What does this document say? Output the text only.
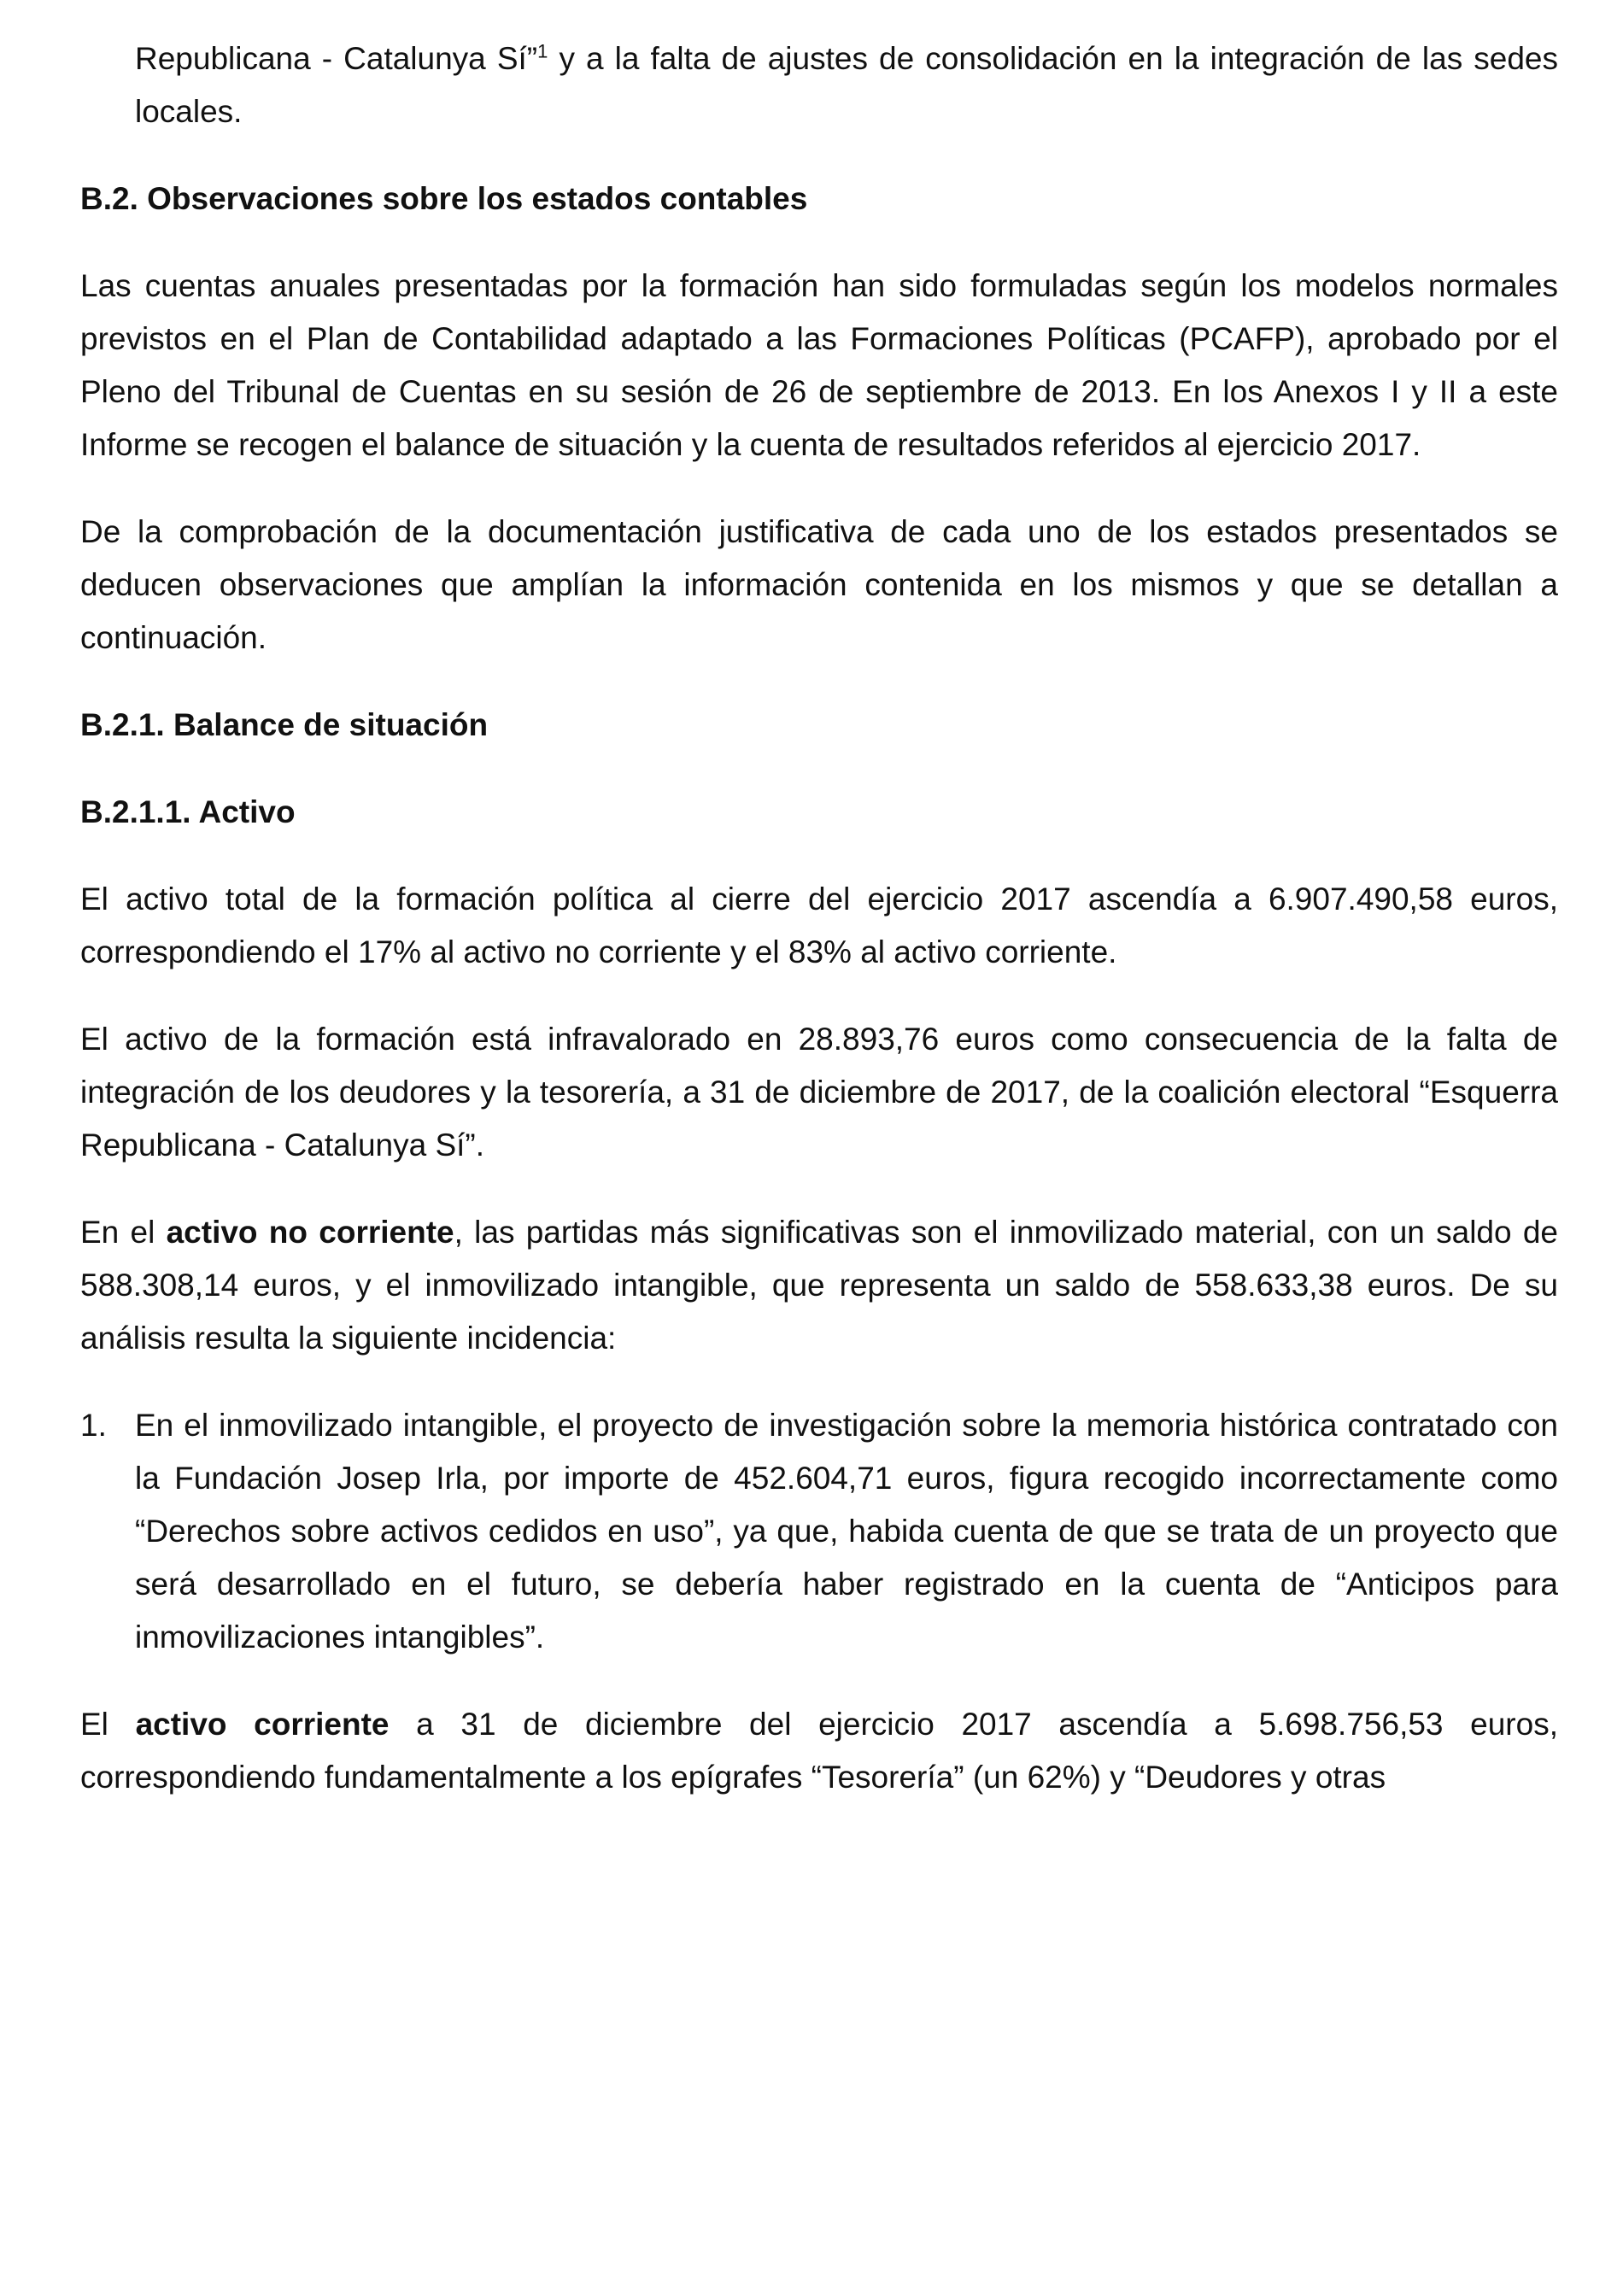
Republicana - Catalunya Sí”$^1$ y a la falta de ajustes de consolidación en la integración de las sedes locales.

B.2. Observaciones sobre los estados contables

Las cuentas anuales presentadas por la formación han sido formuladas según los modelos normales previstos en el Plan de Contabilidad adaptado a las Formaciones Políticas (PCAFP), aprobado por el Pleno del Tribunal de Cuentas en su sesión de 26 de septiembre de 2013. En los Anexos I y II a este Informe se recogen el balance de situación y la cuenta de resultados referidos al ejercicio 2017.

De la comprobación de la documentación justificativa de cada uno de los estados presentados se deducen observaciones que amplían la información contenida en los mismos y que se detallan a continuación.

B.2.1. Balance de situación

B.2.1.1. Activo

El activo total de la formación política al cierre del ejercicio 2017 ascendía a 6.907.490,58 euros, correspondiendo el 17% al activo no corriente y el 83% al activo corriente.

El activo de la formación está infravalorado en 28.893,76 euros como consecuencia de la falta de integración de los deudores y la tesorería, a 31 de diciembre de 2017, de la coalición electoral “Esquerra Republicana - Catalunya Sí”.

En el activo no corriente, las partidas más significativas son el inmovilizado material, con un saldo de 588.308,14 euros, y el inmovilizado intangible, que representa un saldo de 558.633,38 euros. De su análisis resulta la siguiente incidencia:

1. En el inmovilizado intangible, el proyecto de investigación sobre la memoria histórica contratado con la Fundación Josep Irla, por importe de 452.604,71 euros, figura recogido incorrectamente como “Derechos sobre activos cedidos en uso”, ya que, habida cuenta de que se trata de un proyecto que será desarrollado en el futuro, se debería haber registrado en la cuenta de “Anticipos para inmovilizaciones intangibles”.

El activo corriente a 31 de diciembre del ejercicio 2017 ascendía a 5.698.756,53 euros, correspondiendo fundamentalmente a los epígrafes “Tesorería” (un 62%) y “Deudores y otras
